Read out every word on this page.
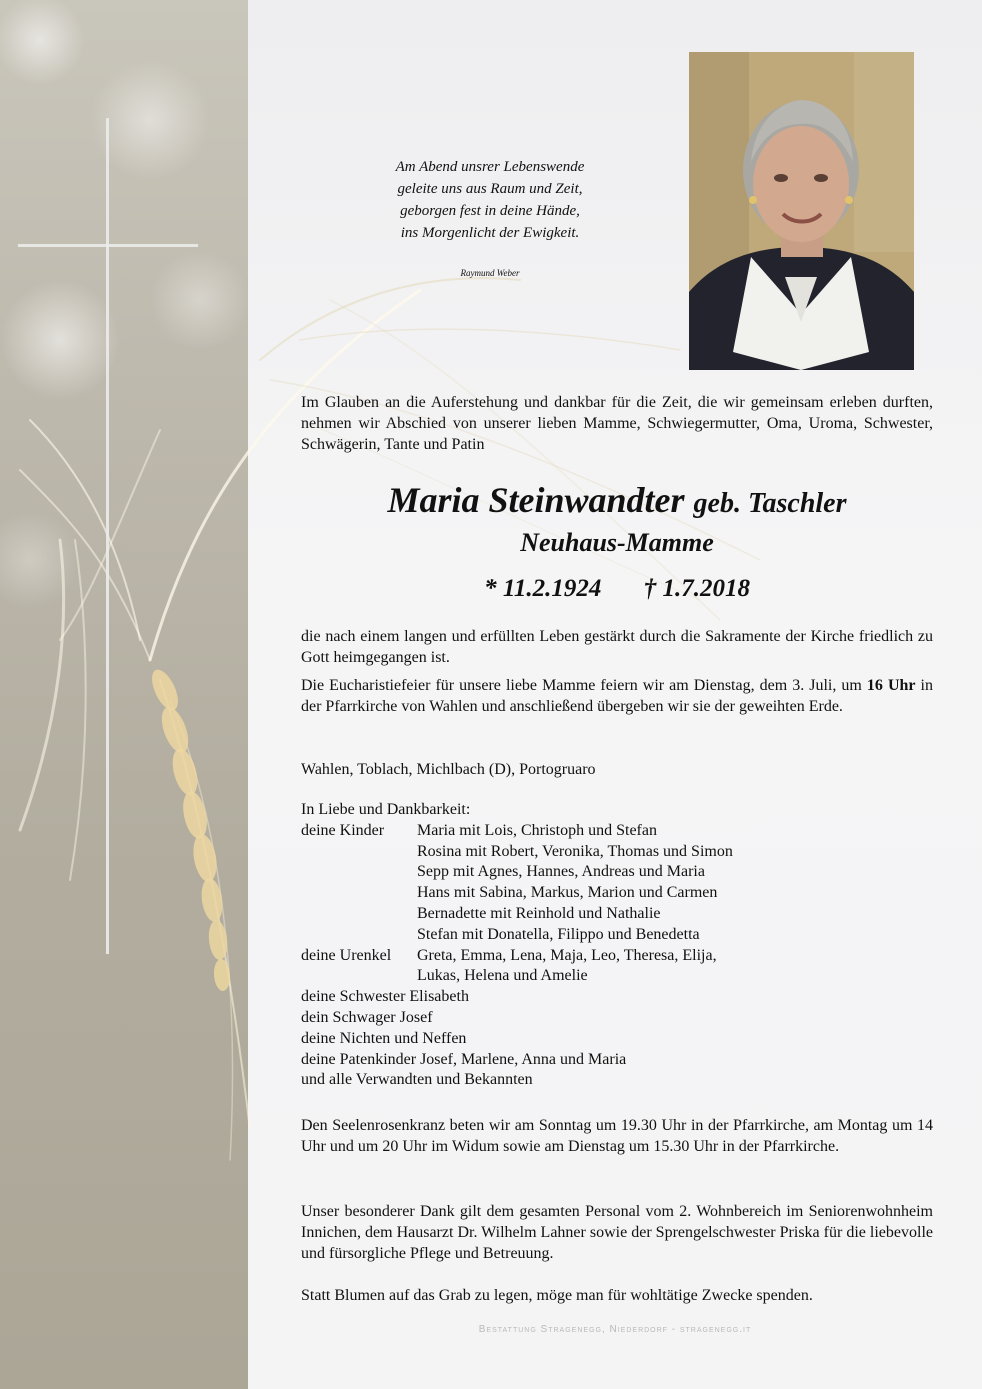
Am Abend unsrer Lebenswende
geleite uns aus Raum und Zeit,
geborgen fest in deine Hände,
ins Morgenlicht der Ewigkeit.
Raymund Weber
Im Glauben an die Auferstehung und dankbar für die Zeit, die wir gemeinsam erleben durften, nehmen wir Abschied von unserer lieben Mamme, Schwiegermutter, Oma, Uroma, Schwester, Schwägerin, Tante und Patin
Maria Steinwandter geb. Taschler
Neuhaus-Mamme
* 11.2.1924 † 1.7.2018
die nach einem langen und erfüllten Leben gestärkt durch die Sakramente der Kirche friedlich zu Gott heimgegangen ist.
Die Eucharistiefeier für unsere liebe Mamme feiern wir am Dienstag, dem 3. Juli, um 16 Uhr in der Pfarrkirche von Wahlen und anschließend übergeben wir sie der geweihten Erde.
Wahlen, Toblach, Michlbach (D), Portogruaro
In Liebe und Dankbarkeit:
deine Kinder	Maria mit Lois, Christoph und Stefan
Rosina mit Robert, Veronika, Thomas und Simon
Sepp mit Agnes, Hannes, Andreas und Maria
Hans mit Sabina, Markus, Marion und Carmen
Bernadette mit Reinhold und Nathalie
Stefan mit Donatella, Filippo und Benedetta
deine Urenkel	Greta, Emma, Lena, Maja, Leo, Theresa, Elija,
Lukas, Helena und Amelie
deine Schwester Elisabeth
dein Schwager Josef
deine Nichten und Neffen
deine Patenkinder Josef, Marlene, Anna und Maria
und alle Verwandten und Bekannten
Den Seelenrosenkranz beten wir am Sonntag um 19.30 Uhr in der Pfarrkirche, am Montag um 14 Uhr und um 20 Uhr im Widum sowie am Dienstag um 15.30 Uhr in der Pfarrkirche.
Unser besonderer Dank gilt dem gesamten Personal vom 2. Wohnbereich im Seniorenwohnheim Innichen, dem Hausarzt Dr. Wilhelm Lahner sowie der Sprengelschwester Priska für die liebevolle und fürsorgliche Pflege und Betreuung.
Statt Blumen auf das Grab zu legen, möge man für wohltätige Zwecke spenden.
Bestattung Stragenegg, Niederdorf - stragenegg.it
